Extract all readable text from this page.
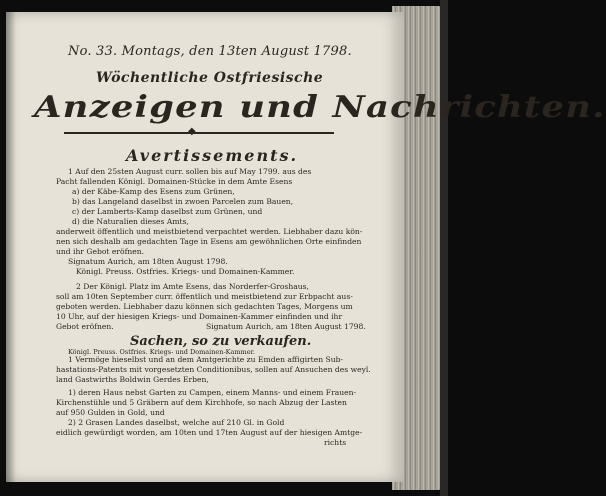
No. 33. Montags, den 13ten August 1798.
Wöchentliche Ostfriesische
Anzeigen und Nachrichten.
◆
Avertissements.
1 Auf den 25sten August curr. sollen bis auf May 1799. aus des
Pacht fallenden Königl. Domainen-Stücke in dem Amte Esens
a) der Käbe-Kamp des Esens zum Grünen,
b) das Langeland daselbst in zwoen Parcelen zum Bauen,
c) der Lamberts-Kamp daselbst zum Grünen, und
d) die Naturalien dieses Amts,
anderweit öffentlich und meistbietend verpachtet werden. Liebhaber dazu kön-
nen sich deshalb am gedachten Tage in Esens am gewöhnlichen Orte einfinden
und ihr Gebot eröfnen.
Signatum Aurich, am 18ten August 1798.
Königl. Preuss. Ostfries. Kriegs- und Domainen-Kammer.
2 Der Königl. Platz im Amte Esens, das Norderfer-Groshaus,
soll am 10ten September curr. öffentlich und meistbietend zur Erbpacht aus-
geboten werden. Liebhaber dazu können sich gedachten Tages, Morgens um
10 Uhr, auf der hiesigen Kriegs- und Domainen-Kammer einfinden und ihr
Gebot eröfnen.
Sachen, so zu verkaufen.
1 Vermöge hieselbst und an dem Amtgerichte zu Emden affigirten Sub-
hastations-Patents mit vorgesetzten Conditionibus, sollen auf Ansuchen des weyl.
land Gastwirths Boldwin Gerdes Erben,
1) deren Haus nebst Garten zu Campen, einem Manns- und einem Frauen-
Kirchenstühle und 5 Gräbern auf dem Kirchhofe, so nach Abzug der Lasten
auf 950 Gulden in Gold, und
2) 2 Grasen Landes daselbst, welche auf 210 Gl. in Gold
eidlich gewürdigt worden, am 10ten und 17ten August auf der hiesigen Amtge-
richts
Signatum Aurich, am 18ten August 1798.
Königl. Preuss. Ostfries. Kriegs- und Domainen-Kammer.
